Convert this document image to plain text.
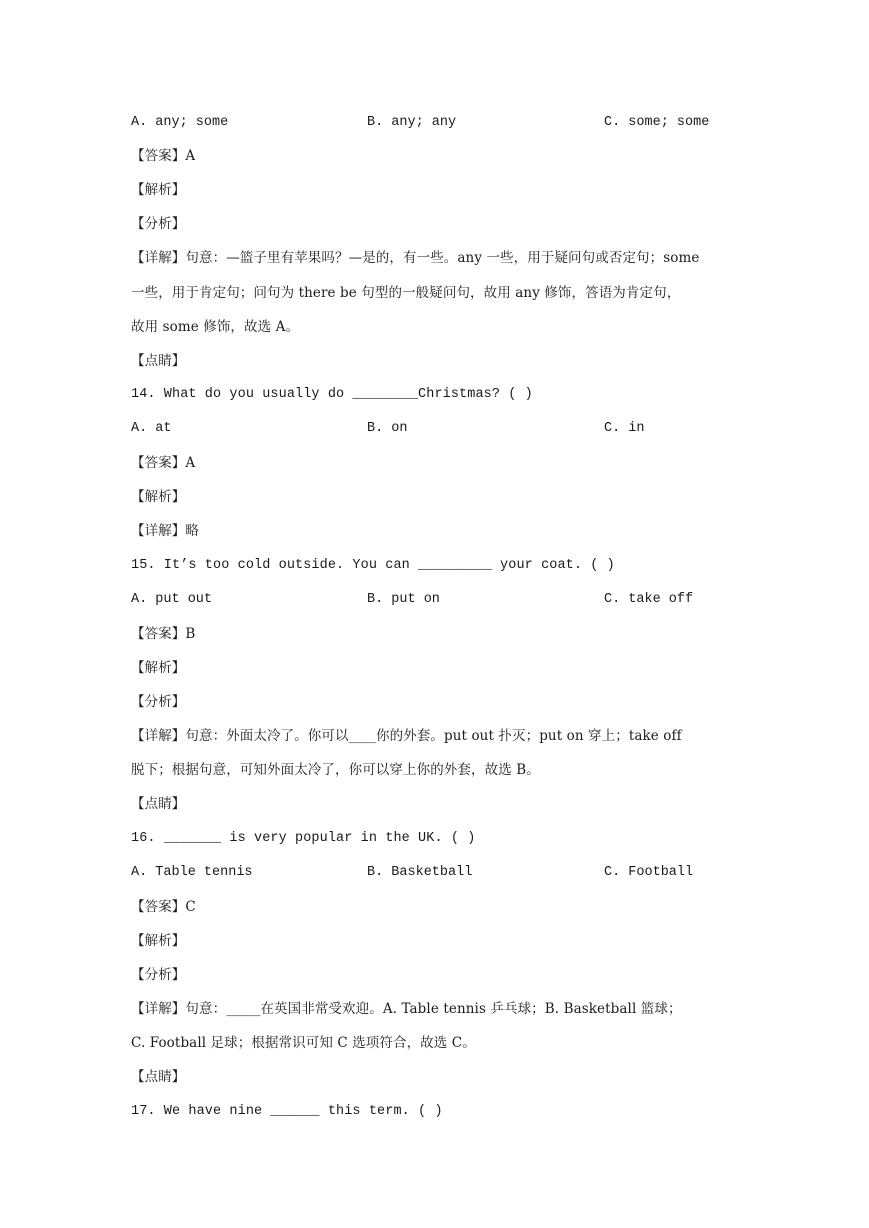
A. any; some	B. any; any	C. some; some
【答案】A
【解析】
【分析】
【详解】句意：—篮子里有苹果吗？—是的，有一些。any 一些，用于疑问句或否定句；some
一些，用于肯定句；问句为 there be 句型的一般疑问句，故用 any 修饰，答语为肯定句，
故用 some 修饰，故选 A。
【点睛】
14. What do you usually do ________Christmas? ( )
A. at	B. on	C. in
【答案】A
【解析】
【详解】略
15. It’s too cold outside. You can _________ your coat. ( )
A. put out	B. put on	C. take off
【答案】B
【解析】
【分析】
【详解】句意：外面太冷了。你可以____你的外套。put out 扑灭；put on 穿上；take off
脱下；根据句意，可知外面太冷了，你可以穿上你的外套，故选 B。
【点睛】
16. _______ is very popular in the UK. ( )
A. Table tennis	B. Basketball	C. Football
【答案】C
【解析】
【分析】
【详解】句意：_____在英国非常受欢迎。A. Table tennis 乒乓球；B. Basketball 篮球；
C. Football 足球；根据常识可知 C 选项符合，故选 C。
【点睛】
17. We have nine ______ this term. ( )
